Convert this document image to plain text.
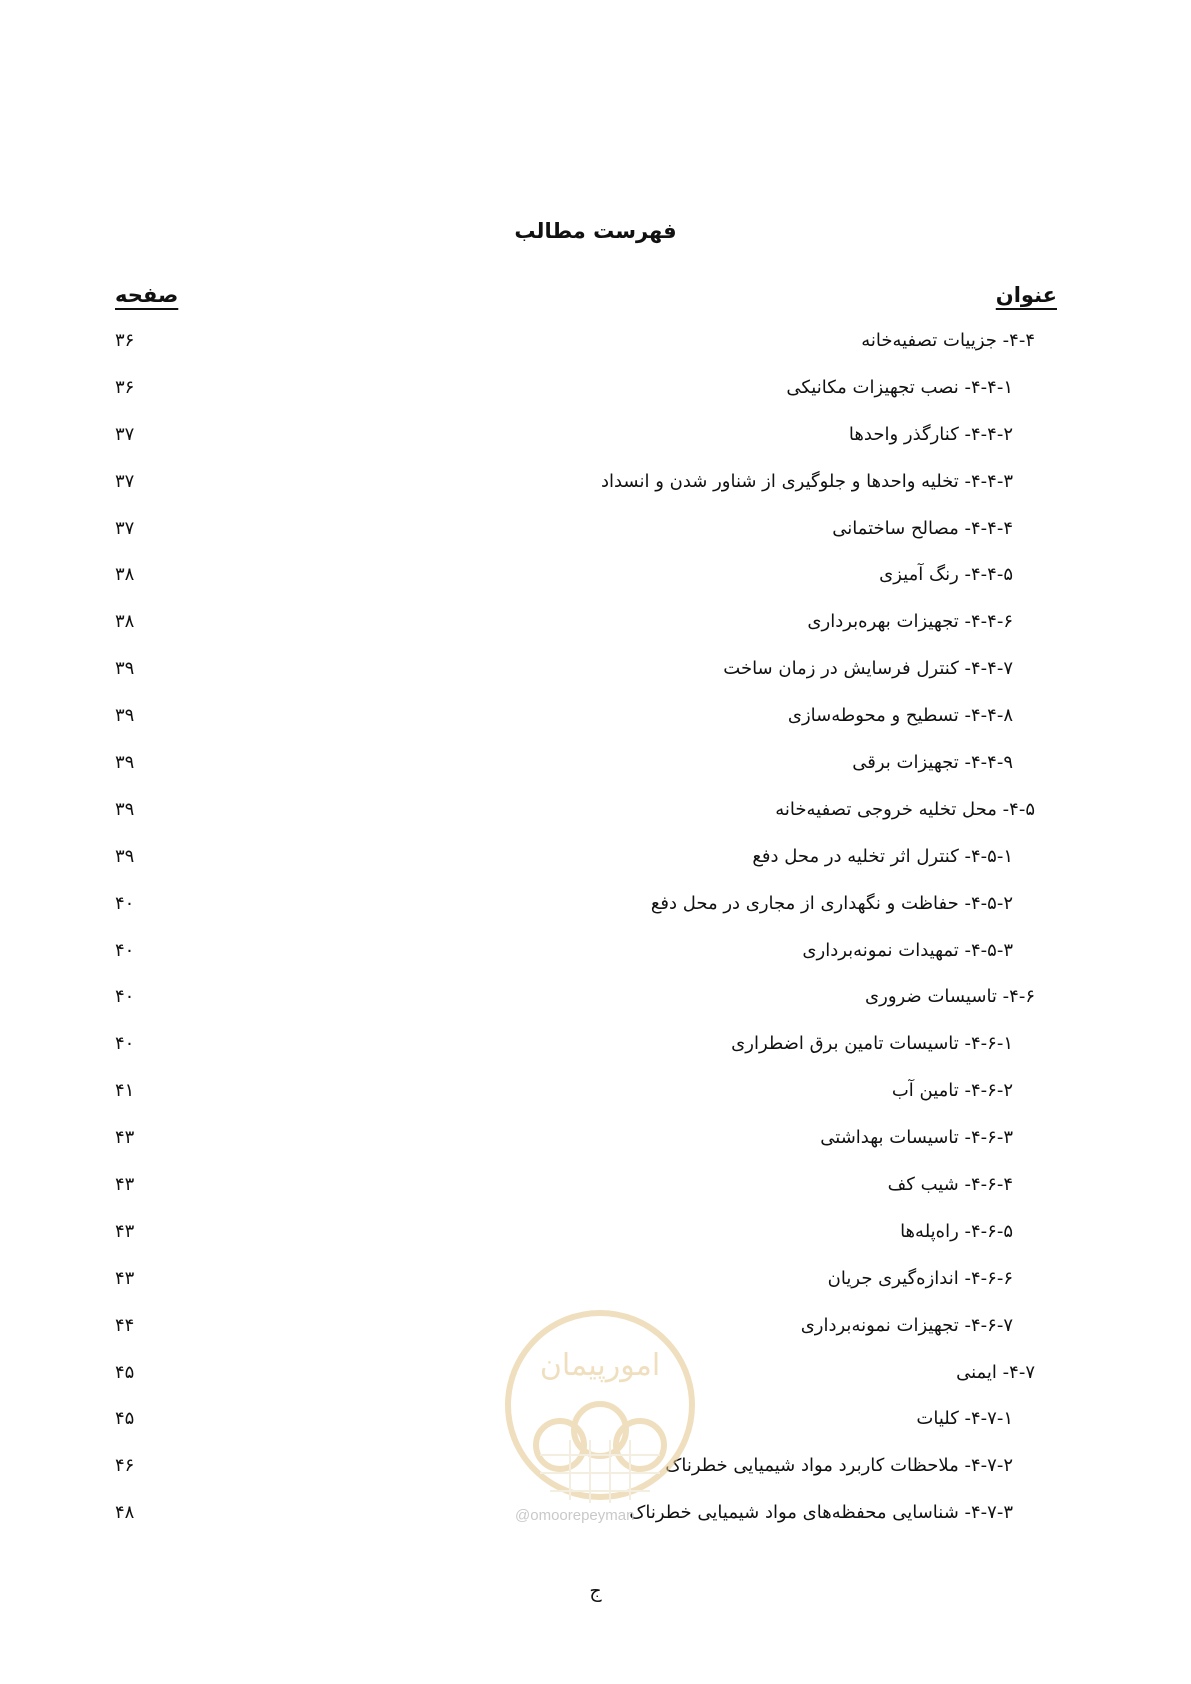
فهرست مطالب
عنوان
صفحه
۴-۴- جزییات تصفیه‌خانه
۳۶
۴-۴-۱- نصب تجهیزات مکانیکی
۳۶
۴-۴-۲- کنارگذر واحدها
۳۷
۴-۴-۳- تخلیه واحدها و جلوگیری از شناور شدن و انسداد
۳۷
۴-۴-۴- مصالح ساختمانی
۳۷
۴-۴-۵- رنگ آمیزی
۳۸
۴-۴-۶- تجهیزات بهره‌برداری
۳۸
۴-۴-۷- کنترل فرسایش در زمان ساخت
۳۹
۴-۴-۸- تسطیح و محوطه‌سازی
۳۹
۴-۴-۹- تجهیزات برقی
۳۹
۴-۵- محل تخلیه خروجی تصفیه‌خانه
۳۹
۴-۵-۱- کنترل اثر تخلیه در محل دفع
۳۹
۴-۵-۲- حفاظت و نگهداری از مجاری در محل دفع
۴۰
۴-۵-۳- تمهیدات نمونه‌برداری
۴۰
۴-۶- تاسیسات ضروری
۴۰
۴-۶-۱- تاسیسات تامین برق اضطراری
۴۰
۴-۶-۲- تامین آب
۴۱
۴-۶-۳- تاسیسات بهداشتی
۴۳
۴-۶-۴- شیب کف
۴۳
۴-۶-۵- راه‌پله‌ها
۴۳
۴-۶-۶- اندازه‌گیری جریان
۴۳
۴-۶-۷- تجهیزات نمونه‌برداری
۴۴
۴-۷- ایمنی
۴۵
۴-۷-۱- کلیات
۴۵
۴-۷-۲- ملاحظات کاربرد مواد شیمیایی خطرناک
۴۶
۴-۷-۳- شناسایی محفظه‌های مواد شیمیایی خطرناک
۴۸
امورپیمان
@omoorepeyman
ج
